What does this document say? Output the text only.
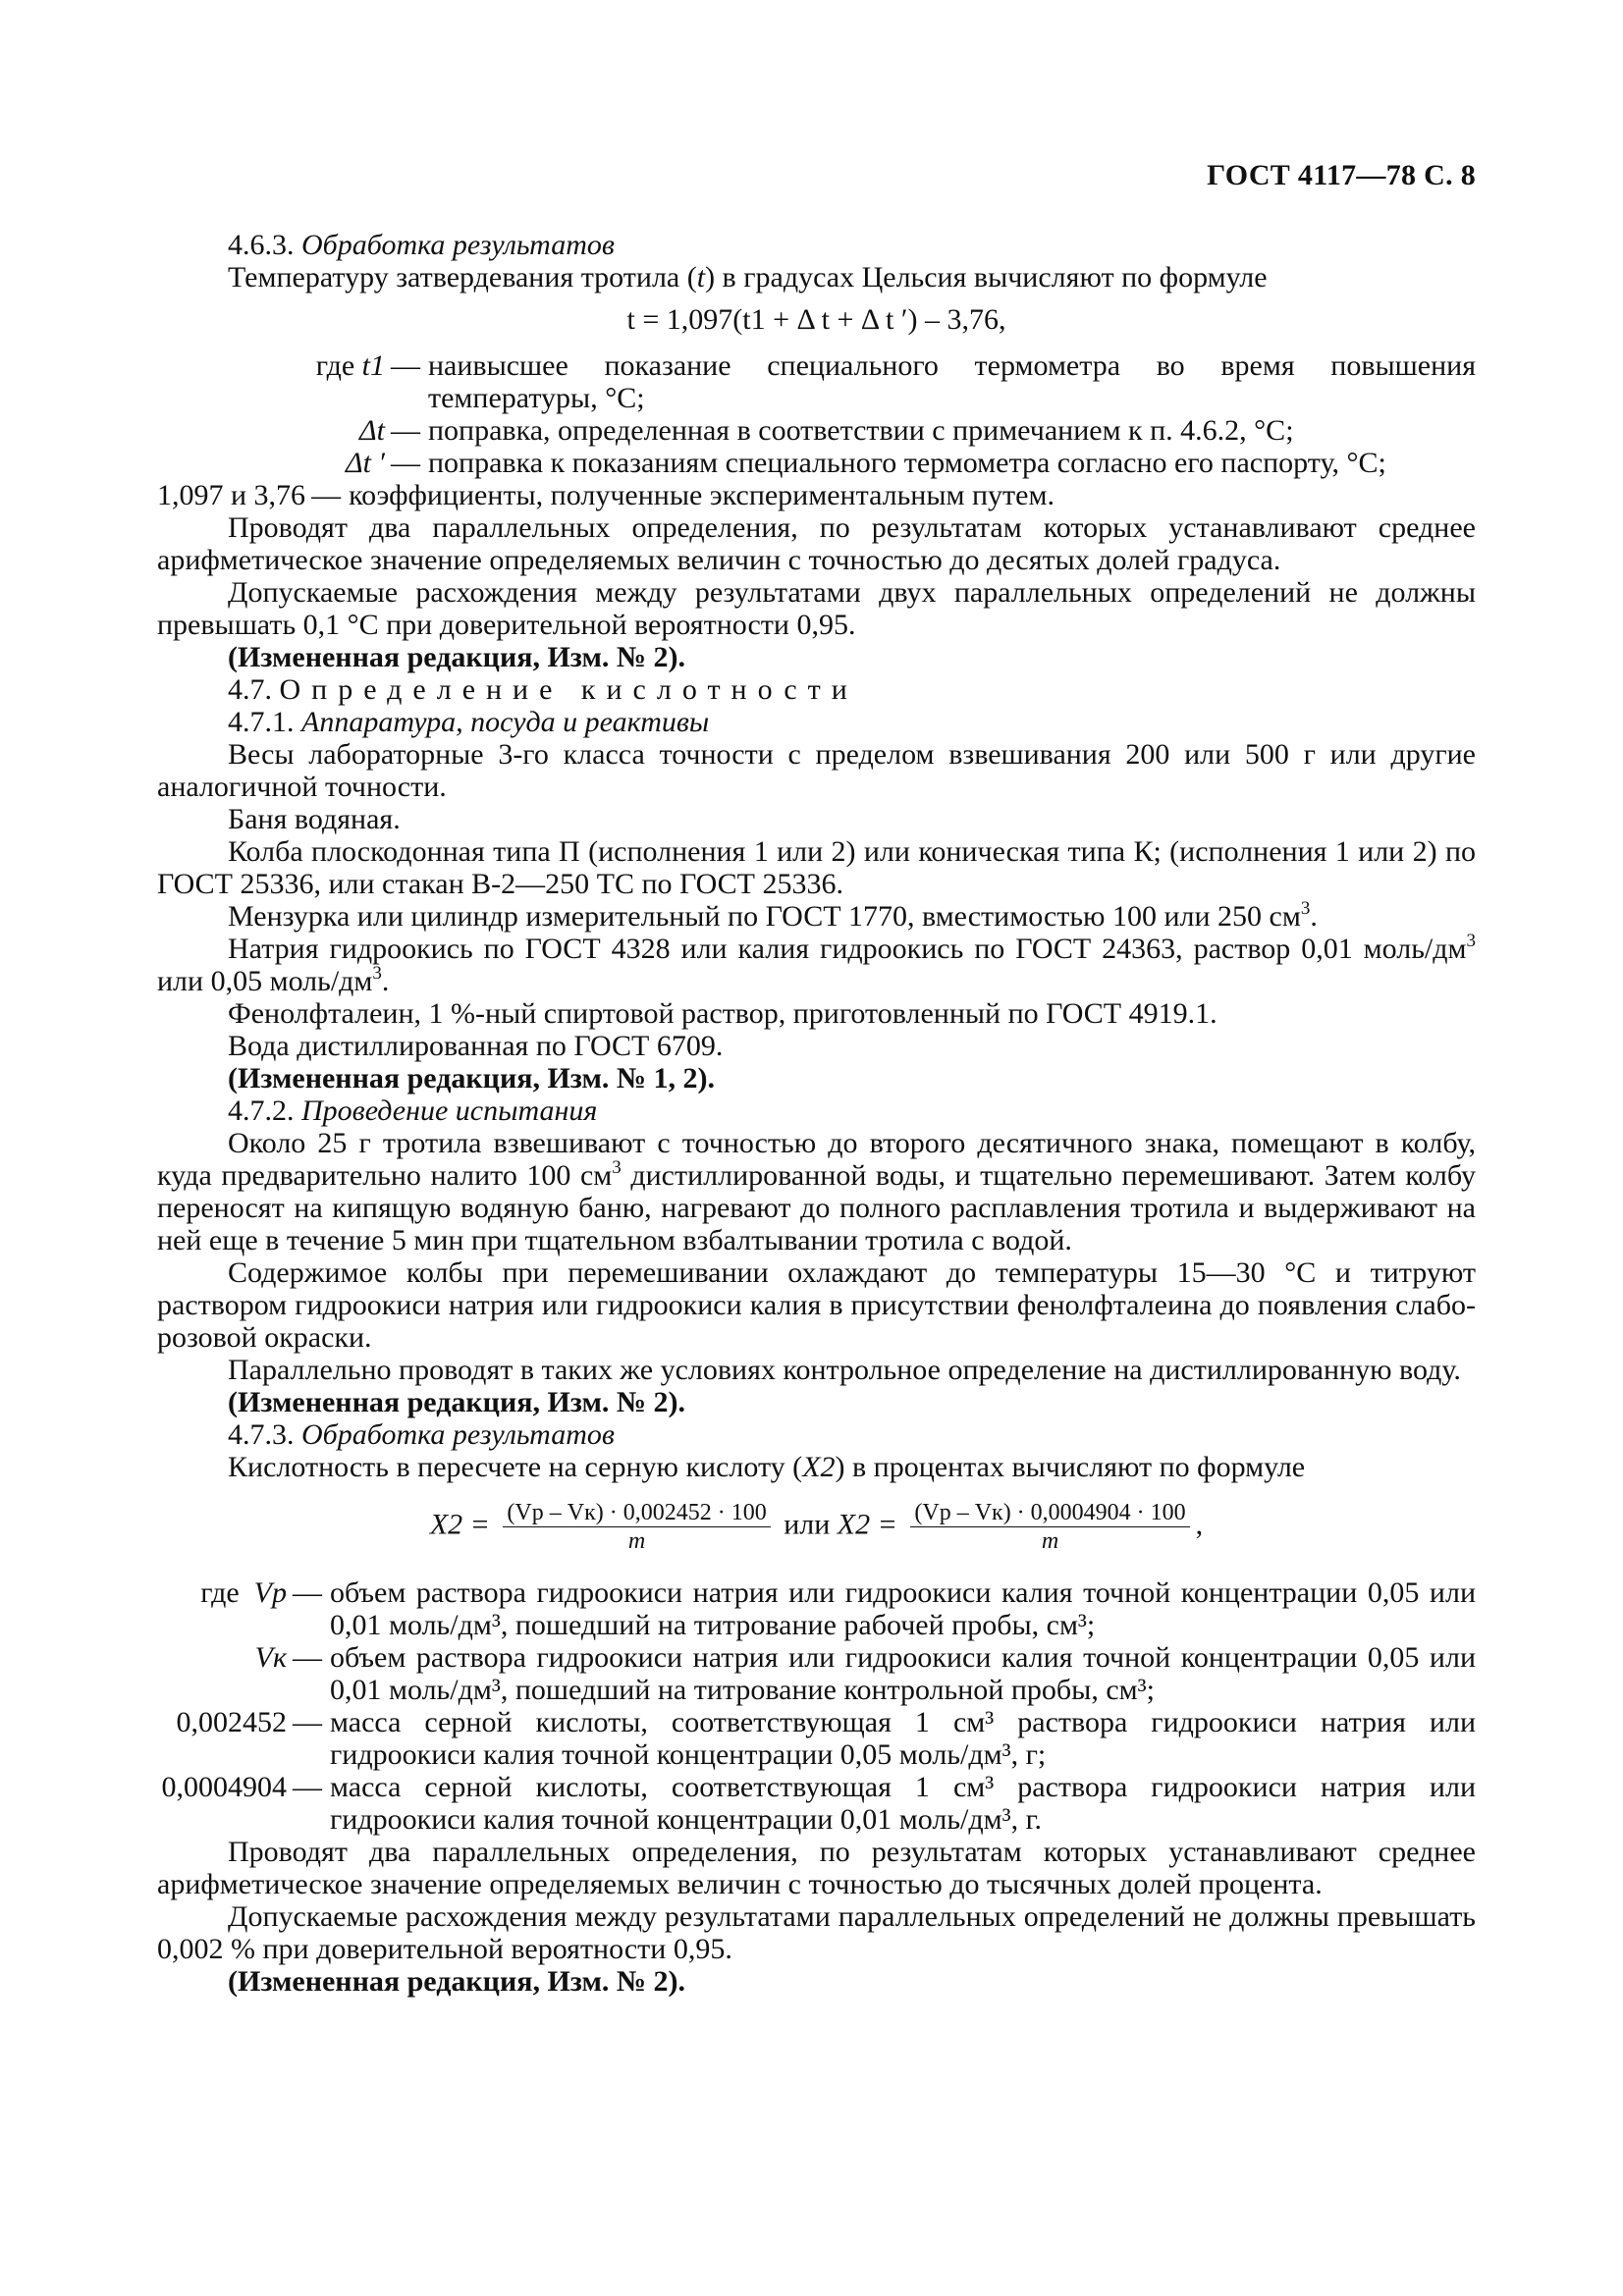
ГОСТ 4117—78 С. 8

4.6.3. Обработка результатов

Температуру затвердевания тротила (t) в градусах Цельсия вычисляют по формуле

t = 1,097(t1 + Δ t + Δ t ′) – 3,76,
где t1 — наивысшее показание специального термометра во время повышения температуры, °С;
Δt — поправка, определенная в соответствии с примечанием к п. 4.6.2, °С;
Δt ′ — поправка к показаниям специального термометра согласно его паспорту, °С;
1,097 и 3,76 — коэффициенты, полученные экспериментальным путем.

Проводят два параллельных определения, по результатам которых устанавливают среднее арифметическое значение определяемых величин с точностью до десятых долей градуса.

Допускаемые расхождения между результатами двух параллельных определений не должны превышать 0,1 °С при доверительной вероятности 0,95.

(Измененная редакция, Изм. № 2).

4.7. Определение кислотности

4.7.1. Аппаратура, посуда и реактивы

Весы лабораторные 3-го класса точности с пределом взвешивания 200 или 500 г или другие аналогичной точности.

Баня водяная.

Колба плоскодонная типа П (исполнения 1 или 2) или коническая типа К; (исполнения 1 или 2) по ГОСТ 25336, или стакан В-2—250 ТС по ГОСТ 25336.

Мензурка или цилиндр измерительный по ГОСТ 1770, вместимостью 100 или 250 $см^3$.

Натрия гидроокись по ГОСТ 4328 или калия гидроокись по ГОСТ 24363, раствор 0,01 моль/$дм^3$ или 0,05 моль/$дм^3$.

Фенолфталеин, 1 %-ный спиртовой раствор, приготовленный по ГОСТ 4919.1.

Вода дистиллированная по ГОСТ 6709.

(Измененная редакция, Изм. № 1, 2).

4.7.2. Проведение испытания

Около 25 г тротила взвешивают с точностью до второго десятичного знака, помещают в колбу, куда предварительно налито 100 $см^3$ дистиллированной воды, и тщательно перемешивают. Затем колбу переносят на кипящую водяную баню, нагревают до полного расплавления тротила и выдерживают на ней еще в течение 5 мин при тщательном взбалтывании тротила с водой.

Содержимое колбы при перемешивании охлаждают до температуры 15—30 °С и титруют раствором гидроокиси натрия или гидроокиси калия в присутствии фенолфталеина до появления слабо-розовой окраски.

Параллельно проводят в таких же условиях контрольное определение на дистиллированную воду.

(Измененная редакция, Изм. № 2).

4.7.3. Обработка результатов

Кислотность в пересчете на серную кислоту (X2) в процентах вычисляют по формуле

$X2 = \frac{(Vр - Vк) \cdot 0,002452 \cdot 100}{m}$ или $X2 = \frac{(Vр - Vк) \cdot 0,0004904 \cdot 100}{m}$ ,
где Vр — объем раствора гидроокиси натрия или гидроокиси калия точной концентрации 0,05 или 0,01 моль/дм³, пошедший на титрование рабочей пробы, см³;
Vк — объем раствора гидроокиси натрия или гидроокиси калия точной концентрации 0,05 или 0,01 моль/дм³, пошедший на титрование контрольной пробы, см³;
0,002452 — масса серной кислоты, соответствующая 1 см³ раствора гидроокиси натрия или гидроокиси калия точной концентрации 0,05 моль/дм³, г;
0,0004904 — масса серной кислоты, соответствующая 1 см³ раствора гидроокиси натрия или гидроокиси калия точной концентрации 0,01 моль/дм³, г.

Проводят два параллельных определения, по результатам которых устанавливают среднее арифметическое значение определяемых величин с точностью до тысячных долей процента.

Допускаемые расхождения между результатами параллельных определений не должны превышать 0,002 % при доверительной вероятности 0,95.

(Измененная редакция, Изм. № 2).
